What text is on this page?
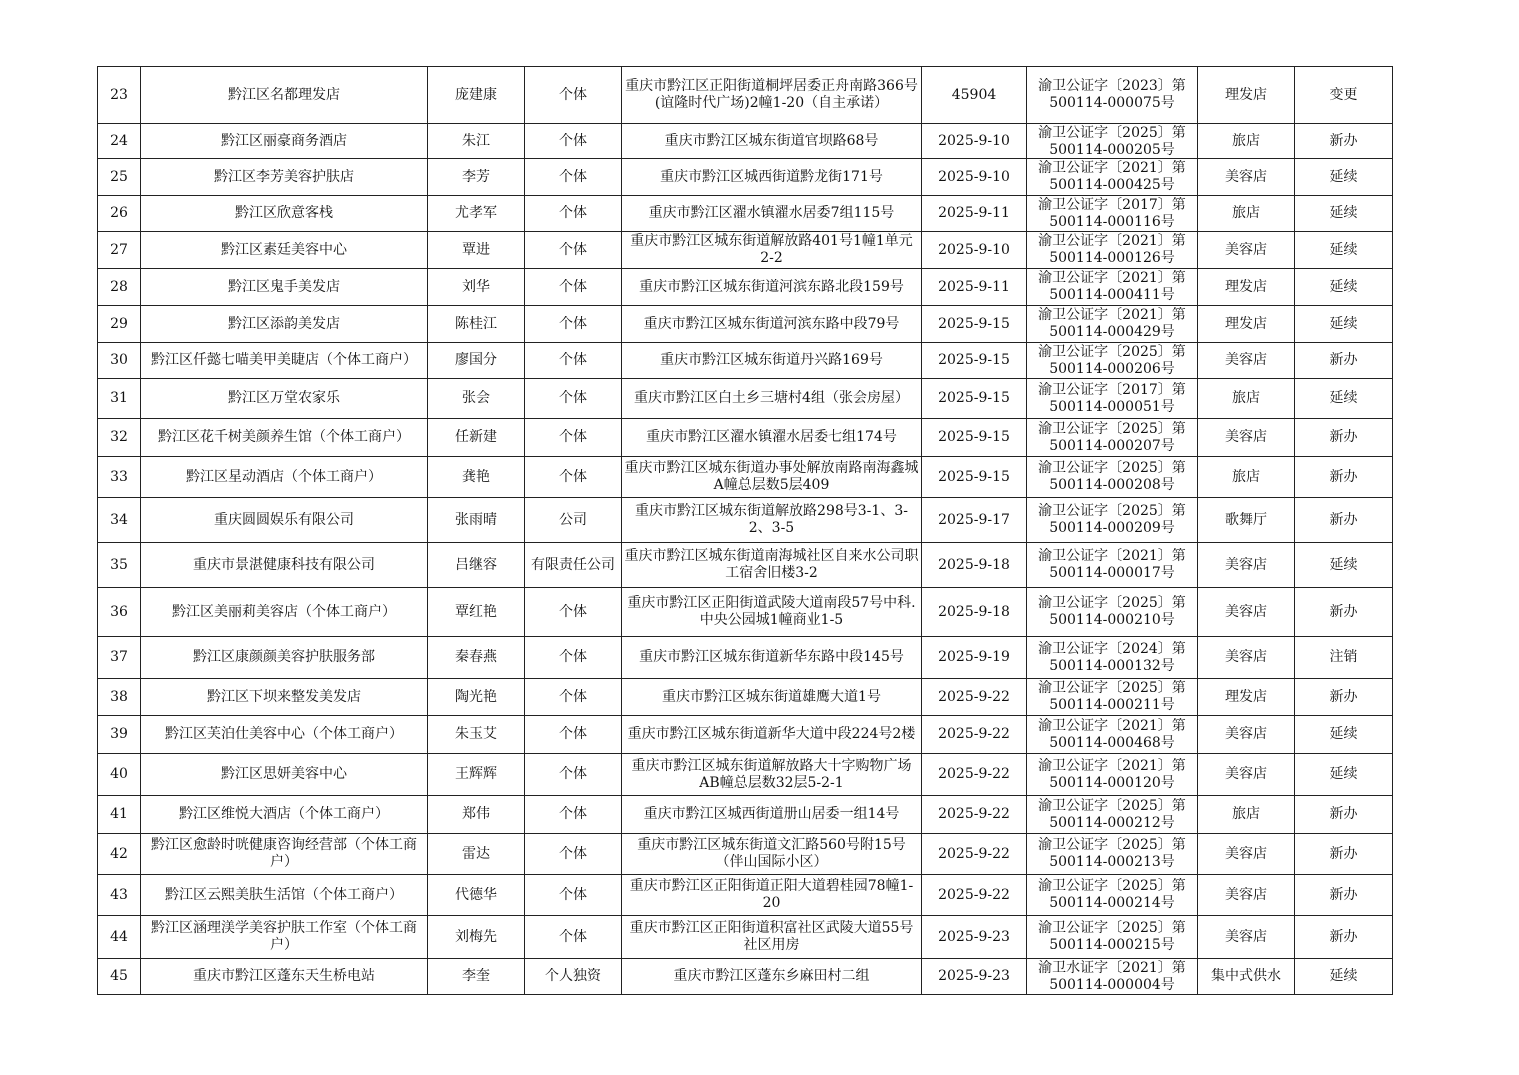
23	黔江区名都理发店	庞建康	个体	重庆市黔江区正阳街道桐坪居委正舟南路366号(谊隆时代广场)2幢1-20（自主承诺）	45904	渝卫公证字〔2023〕第500114-000075号	理发店	变更

24	黔江区丽豪商务酒店	朱江	个体	重庆市黔江区城东街道官坝路68号	2025-9-10	渝卫公证字〔2025〕第500114-000205号	旅店	新办

25	黔江区李芳美容护肤店	李芳	个体	重庆市黔江区城西街道黔龙街171号	2025-9-10	渝卫公证字〔2021〕第500114-000425号	美容店	延续

26	黔江区欣意客栈	尤孝军	个体	重庆市黔江区濯水镇濯水居委7组115号	2025-9-11	渝卫公证字〔2017〕第500114-000116号	旅店	延续

27	黔江区素廷美容中心	覃进	个体	重庆市黔江区城东街道解放路401号1幢1单元2-2	2025-9-10	渝卫公证字〔2021〕第500114-000126号	美容店	延续

28	黔江区鬼手美发店	刘华	个体	重庆市黔江区城东街道河滨东路北段159号	2025-9-11	渝卫公证字〔2021〕第500114-000411号	理发店	延续

29	黔江区添韵美发店	陈桂江	个体	重庆市黔江区城东街道河滨东路中段79号	2025-9-15	渝卫公证字〔2021〕第500114-000429号	理发店	延续

30	黔江区仟懿七喵美甲美睫店（个体工商户）	廖国分	个体	重庆市黔江区城东街道丹兴路169号	2025-9-15	渝卫公证字〔2025〕第500114-000206号	美容店	新办

31	黔江区万堂农家乐	张会	个体	重庆市黔江区白土乡三塘村4组（张会房屋）	2025-9-15	渝卫公证字〔2017〕第500114-000051号	旅店	延续

32	黔江区花千树美颜养生馆（个体工商户）	任新建	个体	重庆市黔江区濯水镇濯水居委七组174号	2025-9-15	渝卫公证字〔2025〕第500114-000207号	美容店	新办

33	黔江区星动酒店（个体工商户）	龚艳	个体	重庆市黔江区城东街道办事处解放南路南海鑫城A幢总层数5层409	2025-9-15	渝卫公证字〔2025〕第500114-000208号	旅店	新办

34	重庆圆圆娱乐有限公司	张雨晴	公司	重庆市黔江区城东街道解放路298号3-1、3-2、3-5	2025-9-17	渝卫公证字〔2025〕第500114-000209号	歌舞厅	新办

35	重庆市景湛健康科技有限公司	吕继容	有限责任公司	重庆市黔江区城东街道南海城社区自来水公司职工宿舍旧楼3-2	2025-9-18	渝卫公证字〔2021〕第500114-000017号	美容店	延续

36	黔江区美丽莉美容店（个体工商户）	覃红艳	个体	重庆市黔江区正阳街道武陵大道南段57号中科.中央公园城1幢商业1-5	2025-9-18	渝卫公证字〔2025〕第500114-000210号	美容店	新办

37	黔江区康颜颜美容护肤服务部	秦春燕	个体	重庆市黔江区城东街道新华东路中段145号	2025-9-19	渝卫公证字〔2024〕第500114-000132号	美容店	注销

38	黔江区下坝来整发美发店	陶光艳	个体	重庆市黔江区城东街道雄鹰大道1号	2025-9-22	渝卫公证字〔2025〕第500114-000211号	理发店	新办

39	黔江区芙泊仕美容中心（个体工商户）	朱玉艾	个体	重庆市黔江区城东街道新华大道中段224号2楼	2025-9-22	渝卫公证字〔2021〕第500114-000468号	美容店	延续

40	黔江区思妍美容中心	王辉辉	个体	重庆市黔江区城东街道解放路大十字购物广场AB幢总层数32层5-2-1	2025-9-22	渝卫公证字〔2021〕第500114-000120号	美容店	延续

41	黔江区维悦大酒店（个体工商户）	郑伟	个体	重庆市黔江区城西街道册山居委一组14号	2025-9-22	渝卫公证字〔2025〕第500114-000212号	旅店	新办

42	黔江区愈龄时咣健康咨询经营部（个体工商户）	雷达	个体	重庆市黔江区城东街道文汇路560号附15号（伴山国际小区）	2025-9-22	渝卫公证字〔2025〕第500114-000213号	美容店	新办

43	黔江区云熙美肤生活馆（个体工商户）	代德华	个体	重庆市黔江区正阳街道正阳大道碧桂园78幢1-20	2025-9-22	渝卫公证字〔2025〕第500114-000214号	美容店	新办

44	黔江区涵理渼学美容护肤工作室（个体工商户）	刘梅先	个体	重庆市黔江区正阳街道积富社区武陵大道55号社区用房	2025-9-23	渝卫公证字〔2025〕第500114-000215号	美容店	新办

45	重庆市黔江区蓬东天生桥电站	李奎	个人独资	重庆市黔江区蓬东乡麻田村二组	2025-9-23	渝卫水证字〔2021〕第500114-000004号	集中式供水	延续
